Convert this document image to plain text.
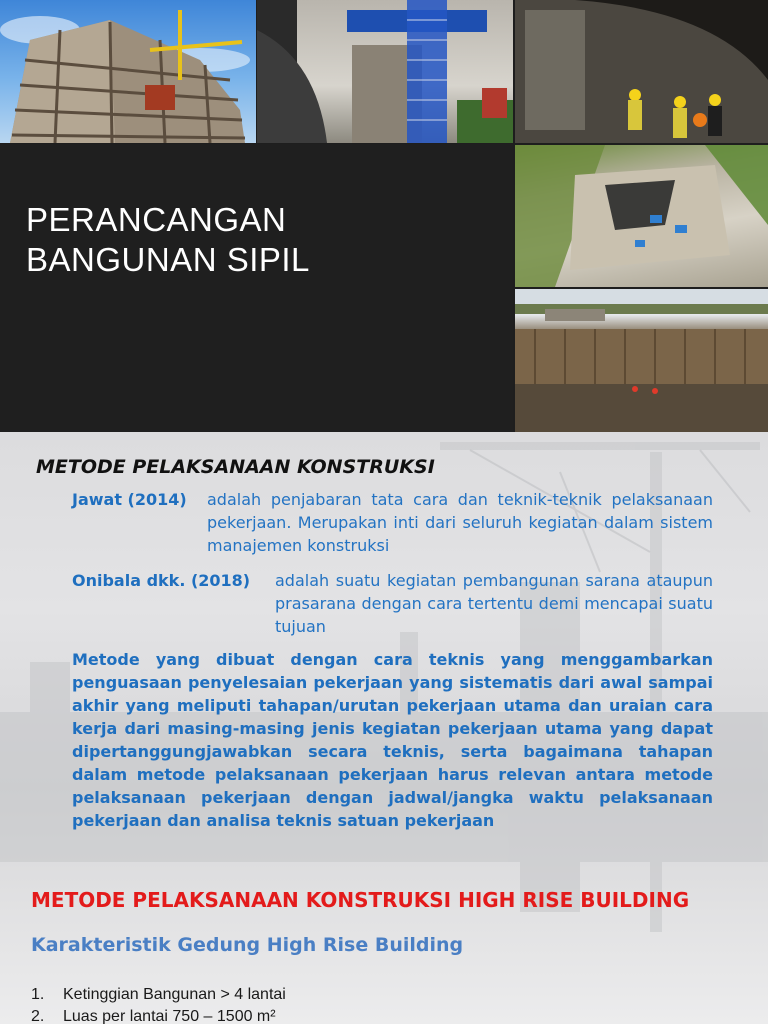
PERANCANGAN
BANGUNAN SIPIL
METODE PELAKSANAAN KONSTRUKSI
Jawat (2014) adalah penjabaran tata cara dan teknik-teknik pelaksanaan pekerjaan. Merupakan inti dari seluruh kegiatan dalam sistem manajemen konstruksi
Onibala dkk. (2018) adalah suatu kegiatan pembangunan sarana ataupun prasarana dengan cara tertentu demi mencapai suatu tujuan
Metode yang dibuat dengan cara teknis yang menggambarkan penguasaan penyelesaian pekerjaan yang sistematis dari awal sampai akhir yang meliputi tahapan/urutan pekerjaan utama dan uraian cara kerja dari masing-masing jenis kegiatan pekerjaan utama yang dapat dipertanggungjawabkan secara teknis, serta bagaimana tahapan dalam metode pelaksanaan pekerjaan harus relevan antara metode pelaksanaan pekerjaan dengan jadwal/jangka waktu pelaksanaan pekerjaan dan analisa teknis satuan pekerjaan
METODE PELAKSANAAN KONSTRUKSI HIGH RISE BUILDING
Karakteristik Gedung High Rise Building
1.	Ketinggian Bangunan > 4 lantai
2.	Luas per lantai 750 – 1500 m²
